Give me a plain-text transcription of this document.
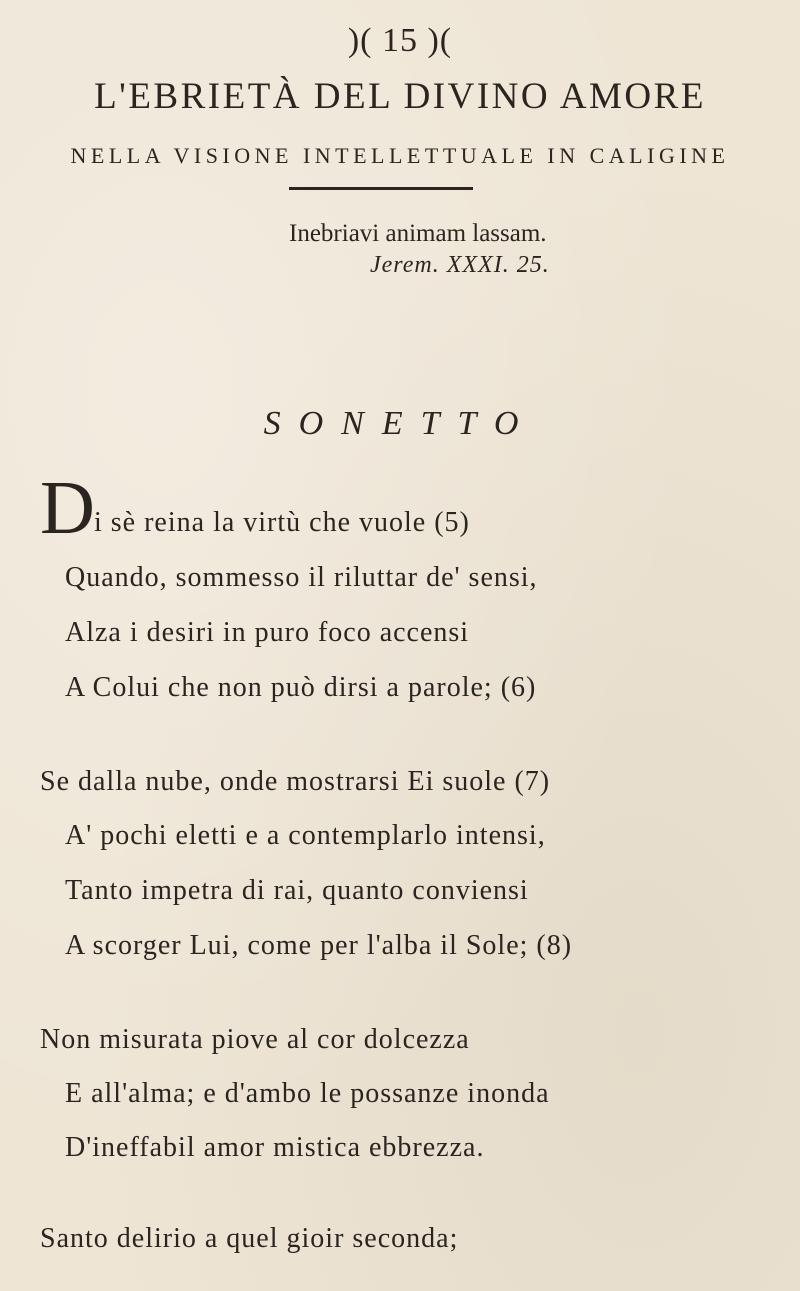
)( 15 )(
L'EBRIETÀ DEL DIVINO AMORE
NELLA VISIONE INTELLETTUALE IN CALIGINE
Inebriavi animam lassam.
Jerem. XXXI. 25.
SONETTO
D i sè reina la virtù che vuole (5)
Quando, sommesso il riluttar de' sensi,
Alza i desiri in puro foco accensi
A Colui che non può dirsi a parole; (6)
Se dalla nube, onde mostrarsi Ei suole (7)
A' pochi eletti e a contemplarlo intensi,
Tanto impetra di rai, quanto conviensi
A scorger Lui, come per l'alba il Sole; (8)
Non misurata piove al cor dolcezza
E all'alma; e d'ambo le possanze inonda
D'ineffabil amor mistica ebbrezza.
Santo delirio a quel gioir seconda;
